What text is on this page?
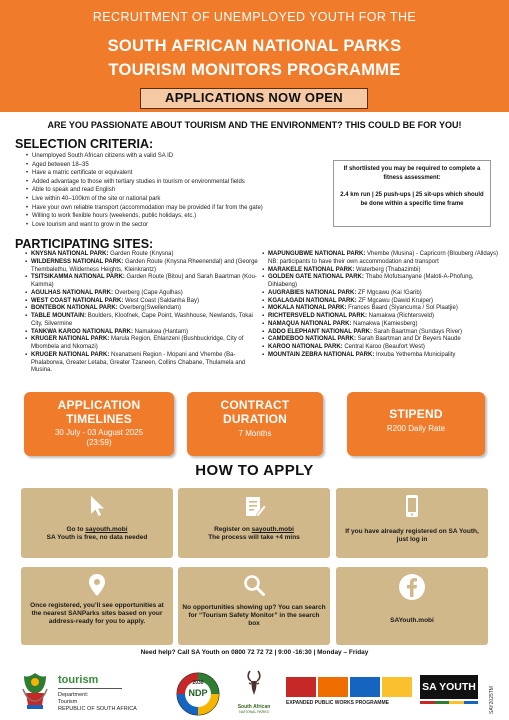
RECRUITMENT OF UNEMPLOYED YOUTH FOR THE
SOUTH AFRICAN NATIONAL PARKS
TOURISM MONITORS PROGRAMME
APPLICATIONS NOW OPEN
ARE YOU PASSIONATE ABOUT TOURISM AND THE ENVIRONMENT? THIS COULD BE FOR YOU!
SELECTION CRITERIA:
• Unemployed South African citizens with a valid SA ID
• Aged between 18–35
• Have a matric certificate or equivalent
• Added advantage to those with tertiary studies in tourism or environmental fields
• Able to speak and read English
• Live within 40–100km of the site or national park
• Have your own reliable transport (accommodation may be provided if far from the gate)
• Willing to work flexible hours (weekends, public holidays, etc.)
• Love tourism and want to grow in the sector
If shortlisted you may be required to complete a fitness assessment:
2.4 km run | 25 push-ups | 25 sit-ups which should be done within a specific time frame
PARTICIPATING SITES:
▪ KNYSNA NATIONAL PARK: Garden Route (Knysna)
▪ WILDERNESS NATIONAL PARK: Garden Route (Knysna Rheenendal) and (George Thembalethu, Wilderness Heights, Kleinkrantz)
▪ TSITSIKAMMA NATIONAL PARK: Garden Route (Bitou) and Sarah Baartman (Kou-Kamma)
▪ AGULHAS NATIONAL PARK: Overberg (Cape Agulhas)
▪ WEST COAST NATIONAL PARK: West Coast (Saldanha Bay)
▪ BONTEBOK NATIONAL PARK: Overberg(Swellendam)
▪ TABLE MOUNTAIN: Boulders, Kloofnek, Cape Point, Washhouse, Newlands, Tokai City, Silvermine
▪ TANKWA KAROO NATIONAL PARK: Namakwa (Hantam)
▪ KRUGER NATIONAL PARK: Marula Region, Ehlanzeni (Bushbuckridge, City of Mbombela and Nkomazi)
▪ KRUGER NATIONAL PARK: Nxanatseni Region - Mopani and Vhembe (Ba-Phalaborwa, Greater Letaba, Greater Tzaneen, Collins Chabane, Thulamela and Musina.
▪ MAPUNGUBWE NATIONAL PARK: Vhembe (Musina) - Capricorn (Blouberg /Alldays) NB: participants to have their own accommodation and transport
▪ MARAKELE NATIONAL PARK: Waterberg (Thabazimbi)
▪ GOLDEN GATE NATIONAL PARK: Thabo Mofutsanyane (Maloti-A-Phofung, Dihlabeng)
▪ AUGRABIES NATIONAL PARK: ZF Mgcawu (Kai !Garib)
▪ KGALAGADI NATIONAL PARK: ZF Mgcawu (Dawid Kruiper)
▪ MOKALA NATIONAL PARK: Frances Baard (Siyancuma / Sol Plaatjie)
▪ RICHTERSVELD NATIONAL PARK: Namakwa (Richtersveld)
▪ NAMAQUA NATIONAL PARK: Namakwa (Kamiesberg)
▪ ADDO ELEPHANT NATIONAL PARK: Sarah Baartman (Sundays River)
▪ CAMDEBOO NATIONAL PARK: Sarah Baartman and Dr Beyers Naude
▪ KAROO NATIONAL PARK: Central Karoo (Beaufort West)
▪ MOUNTAIN ZEBRA NATIONAL PARK: Inxuba Yethemba Municipality
APPLICATION
TIMELINES
30 July - 03 August 2025
(23:59)
CONTRACT
DURATION
7 Months
STIPEND
R200 Daily Rate
HOW TO APPLY
Go to sayouth.mobi
SA Youth is free, no data needed
Register on sayouth.mobi
The process will take +4 mins
If you have already registered on SA Youth, just log in
Once registered, you’ll see opportunities at the nearest SANParks sites based on your address-ready for you to apply.
No opportunities showing up? You can search for “Tourism Safety Monitor” in the search box	SAYouth.mobi
Need help? Call SA Youth on 0800 72 72 72 | 9:00 -16:30 | Monday – Friday
tourism
Department:
Tourism
REPUBLIC OF SOUTH AFRICA
NDP
2030
South African
NATIONAL PARKS
EXPANDED PUBLIC WORKS PROGRAMME
SA YOUTH	SAY2025TM
